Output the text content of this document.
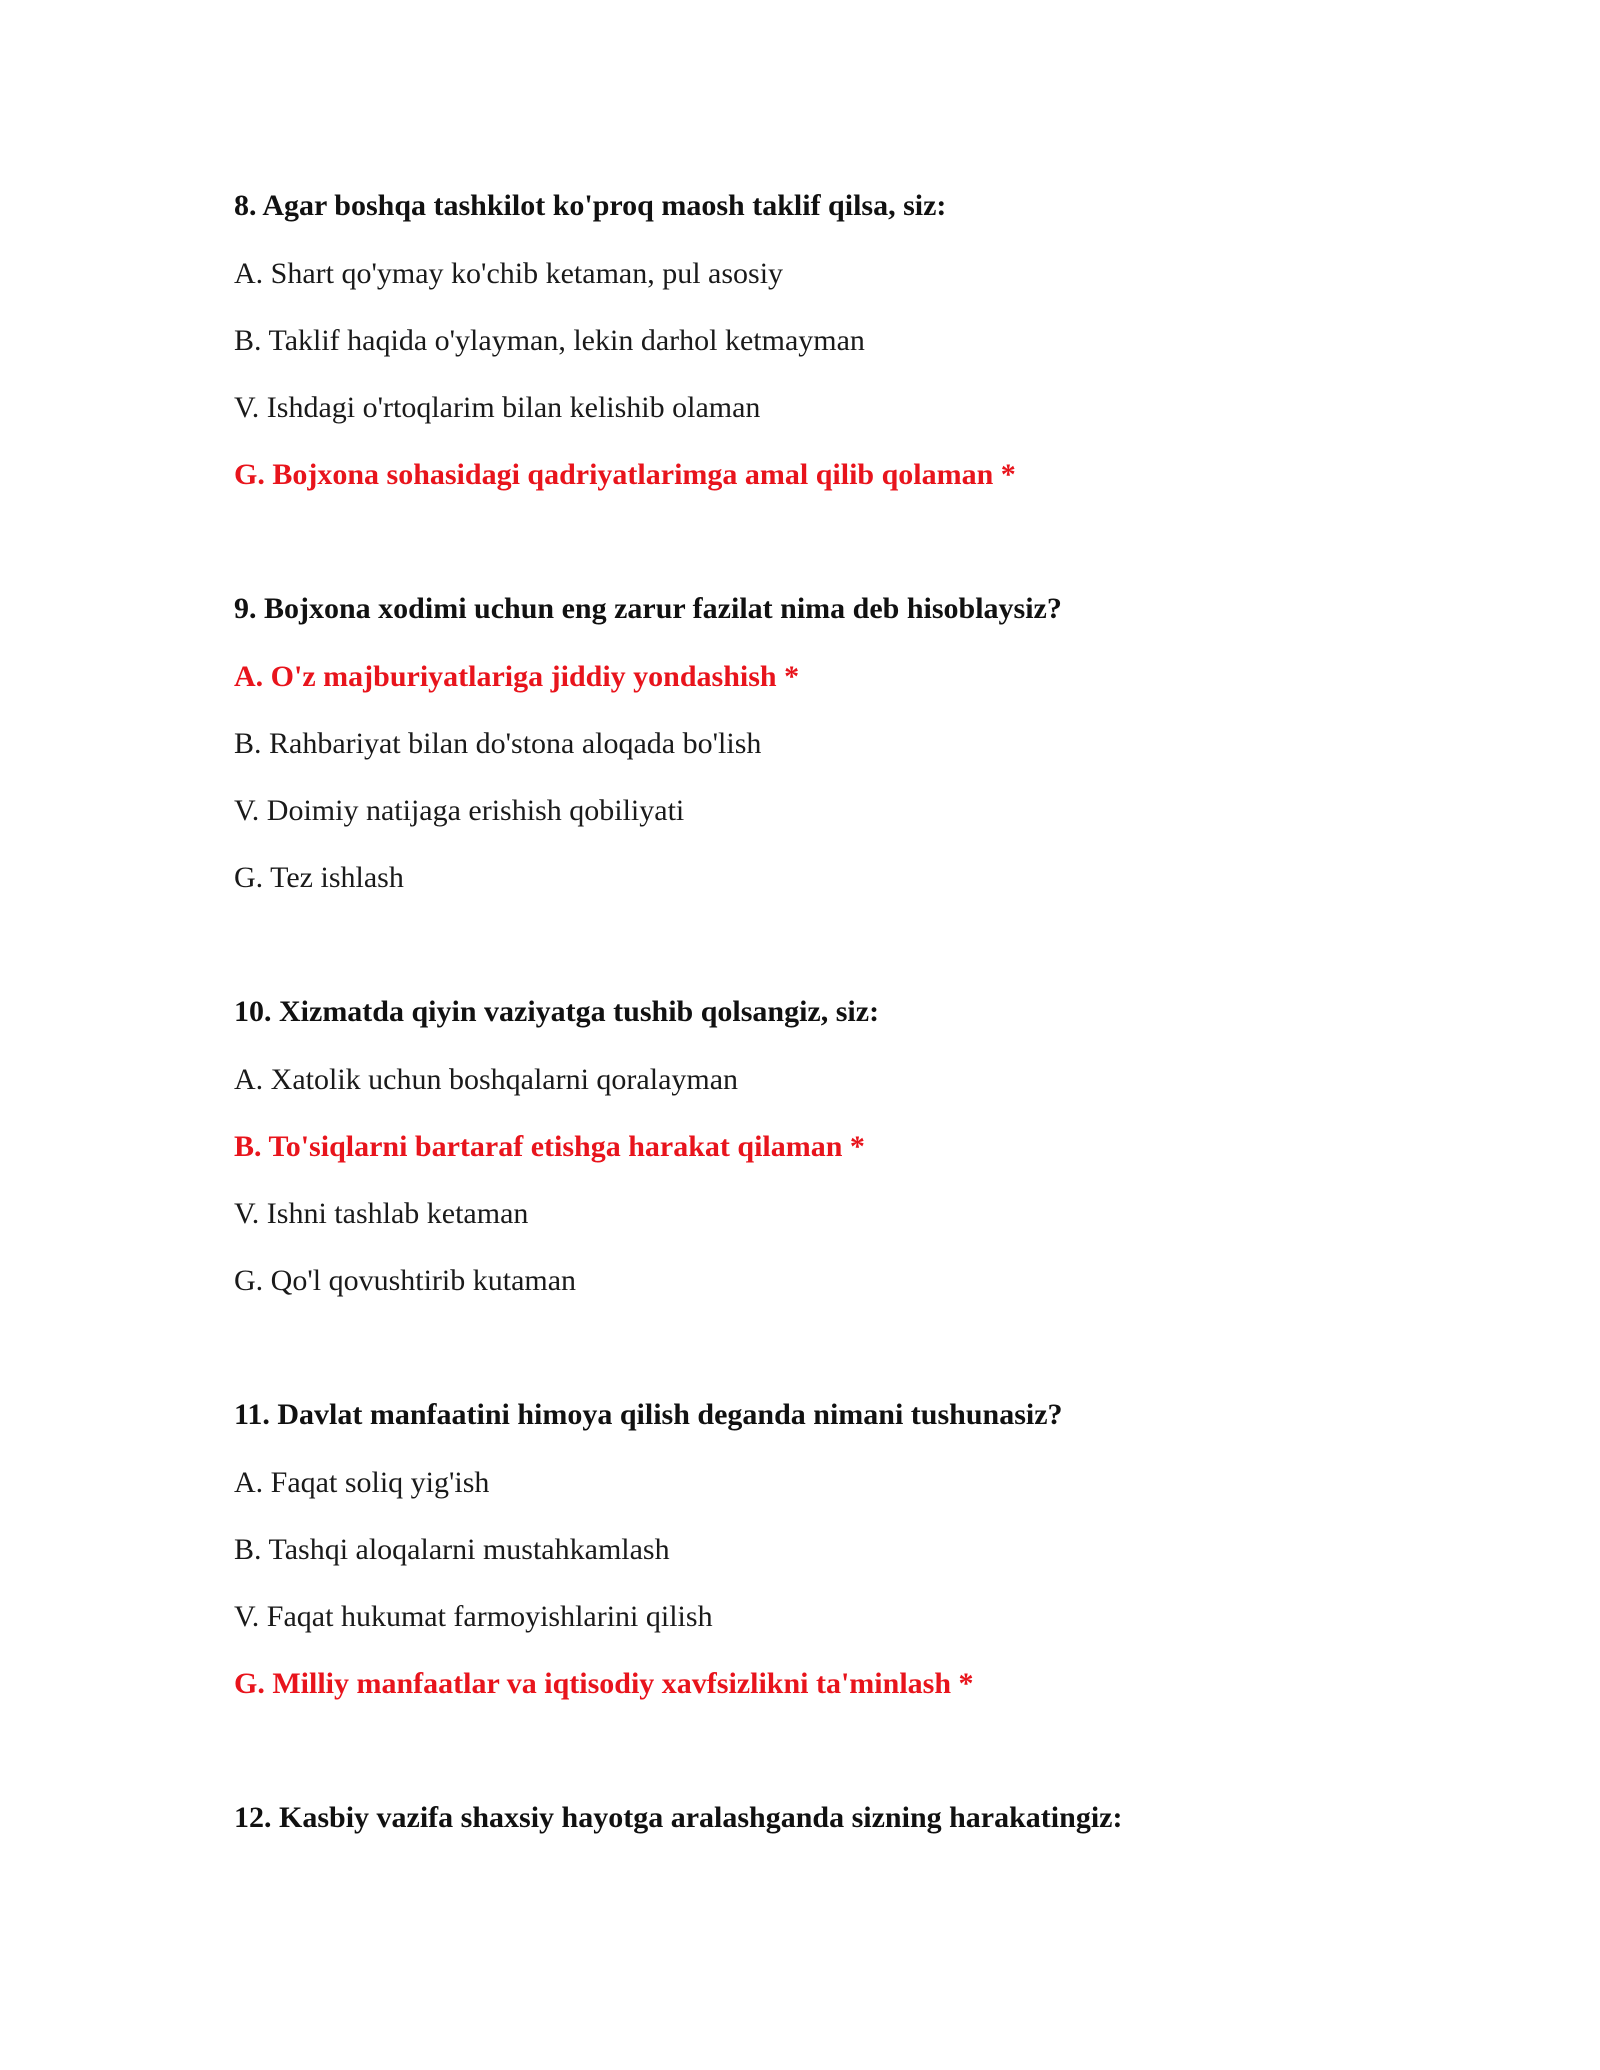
8. Agar boshqa tashkilot ko'proq maosh taklif qilsa, siz:
A. Shart qo'ymay ko'chib ketaman, pul asosiy
B. Taklif haqida o'ylayman, lekin darhol ketmayman
V. Ishdagi o'rtoqlarim bilan kelishib olaman
G. Bojxona sohasidagi qadriyatlarimga amal qilib qolaman *
9. Bojxona xodimi uchun eng zarur fazilat nima deb hisoblaysiz?
A. O'z majburiyatlariga jiddiy yondashish *
B. Rahbariyat bilan do'stona aloqada bo'lish
V. Doimiy natijaga erishish qobiliyati
G. Tez ishlash
10. Xizmatda qiyin vaziyatga tushib qolsangiz, siz:
A. Xatolik uchun boshqalarni qoralayman
B. To'siqlarni bartaraf etishga harakat qilaman *
V. Ishni tashlab ketaman
G. Qo'l qovushtirib kutaman
11. Davlat manfaatini himoya qilish deganda nimani tushunasiz?
A. Faqat soliq yig'ish
B. Tashqi aloqalarni mustahkamlash
V. Faqat hukumat farmoyishlarini qilish
G. Milliy manfaatlar va iqtisodiy xavfsizlikni ta'minlash *
12. Kasbiy vazifa shaxsiy hayotga aralashganda sizning harakatingiz:
